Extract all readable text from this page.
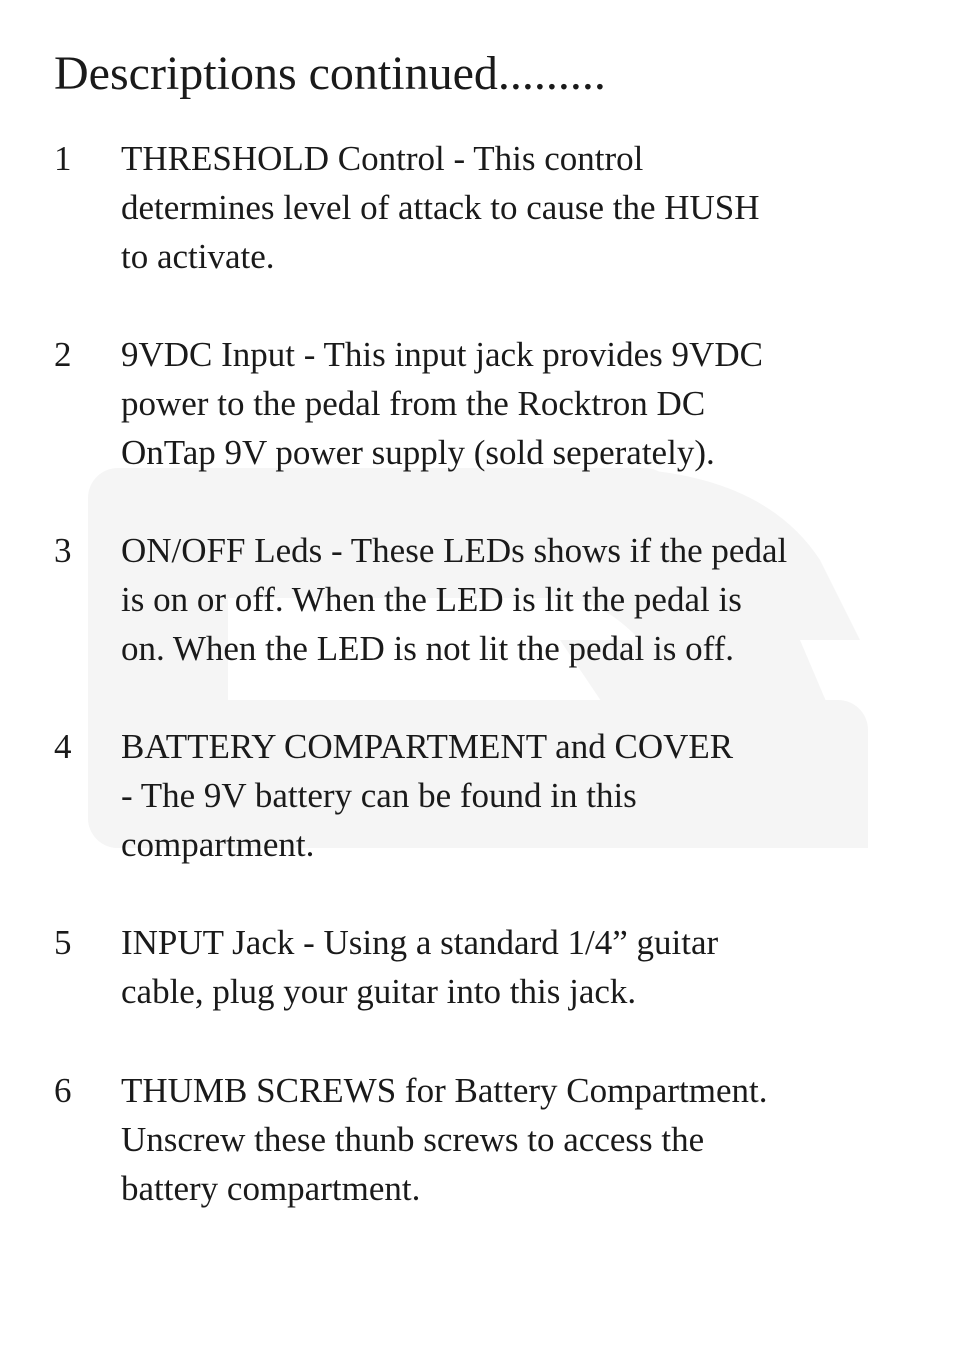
Descriptions continued.........
1 THRESHOLD Control - This control
determines level of attack to cause the HUSH
to activate.
2 9VDC Input - This input jack provides 9VDC
power to the pedal from the Rocktron DC
OnTap 9V power supply (sold seperately).
3 ON/OFF Leds - These LEDs shows if the pedal
is on or off. When the LED is lit the pedal is
on. When the LED is not lit the pedal is off.
4 BATTERY COMPARTMENT and COVER
- The 9V battery can be found in this
compartment.
5 INPUT Jack - Using a standard 1/4” guitar
cable, plug your guitar into this jack.
6 THUMB SCREWS for Battery Compartment.
Unscrew these thunb screws to access the
battery compartment.
